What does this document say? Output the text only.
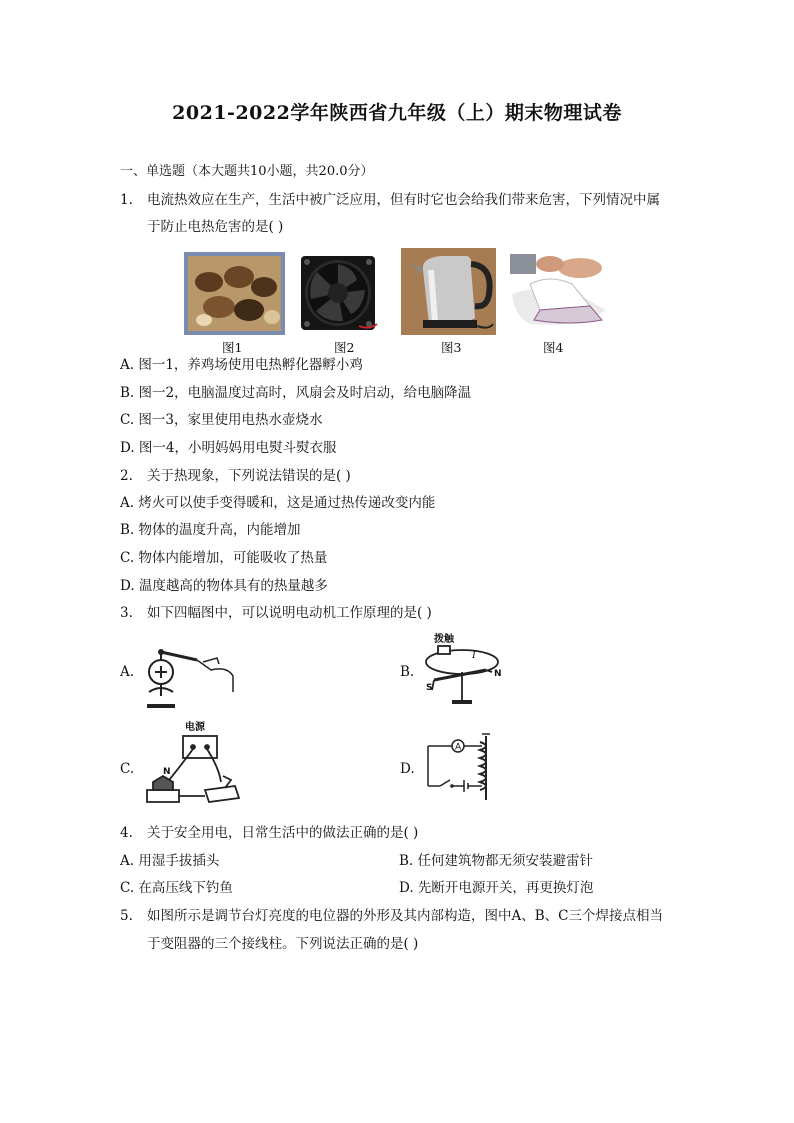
2021-2022学年陕西省九年级（上）期末物理试卷
一、单选题（本大题共10小题，共20.0分）
1. 电流热效应在生产，生活中被广泛应用，但有时它也会给我们带来危害，下列情况中属
于防止电热危害的是( )
图1	图2	图3	图4
A. 图一1，养鸡场使用电热孵化器孵小鸡
B. 图一2，电脑温度过高时，风扇会及时启动，给电脑降温
C. 图一3，家里使用电热水壶烧水
D. 图一4，小明妈妈用电熨斗熨衣服
2. 关于热现象，下列说法错误的是( )
A. 烤火可以使手变得暖和，这是通过热传递改变内能
B. 物体的温度升高，内能增加
C. 物体内能增加，可能吸收了热量
D. 温度越高的物体具有的热量越多
3. 如下四幅图中，可以说明电动机工作原理的是( )
A.	B.
拨触
I
N
S
C.
电源
N	D.
A
4. 关于安全用电，日常生活中的做法正确的是( )
A. 用湿手拔插头	B. 任何建筑物都无须安装避雷针
C. 在高压线下钓鱼	D. 先断开电源开关，再更换灯泡
5. 如图所示是调节台灯亮度的电位器的外形及其内部构造，图中A、B、C三个焊接点相当
于变阻器的三个接线柱。下列说法正确的是( )
